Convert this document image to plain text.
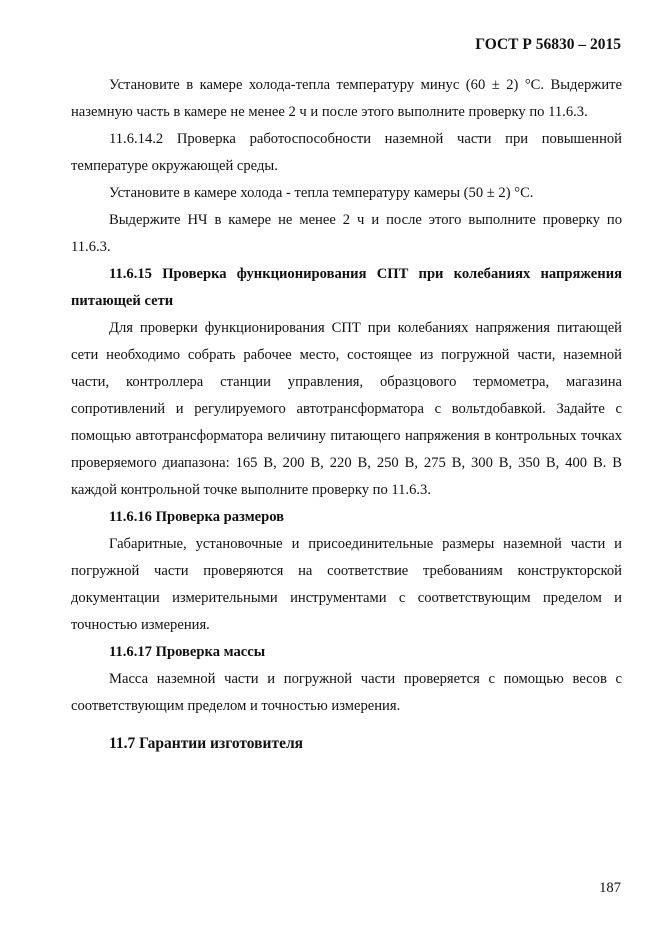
ГОСТ Р 56830 – 2015

Установите в камере холода-тепла температуру минус (60 ± 2) °С. Выдержите наземную часть в камере не менее 2 ч и после этого выполните проверку по 11.6.3.

11.6.14.2 Проверка работоспособности наземной части при повышенной температуре окружающей среды.

Установите в камере холода - тепла температуру камеры (50 ± 2) °С.

Выдержите НЧ в камере не менее 2 ч и после этого выполните проверку по 11.6.3.

11.6.15 Проверка функционирования СПТ при колебаниях напряжения питающей сети

Для проверки функционирования СПТ при колебаниях напряжения питающей сети необходимо собрать рабочее место, состоящее из погружной части, наземной части, контроллера станции управления, образцового термометра, магазина сопротивлений и регулируемого автотрансформатора с вольтдобавкой. Задайте с помощью автотрансформатора величину питающего напряжения в контрольных точках проверяемого диапазона: 165 В, 200 В, 220 В, 250 В, 275 В, 300 В, 350 В, 400 В. В каждой контрольной точке выполните проверку по 11.6.3.

11.6.16 Проверка размеров

Габаритные, установочные и присоединительные размеры наземной части и погружной части проверяются на соответствие требованиям конструкторской документации измерительными инструментами с соответствующим пределом и точностью измерения.

11.6.17 Проверка массы

Масса наземной части и погружной части проверяется с помощью весов с соответствующим пределом и точностью измерения.

11.7 Гарантии изготовителя

187
